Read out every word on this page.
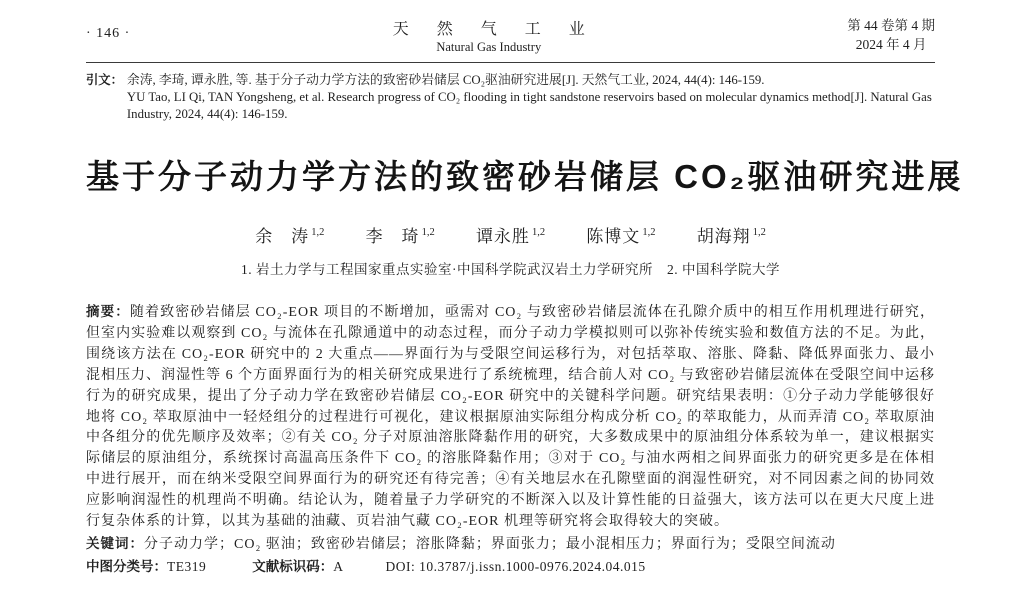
· 146 ·	天 然 气 工 业
Natural Gas Industry
第 44 卷第 4 期
2024 年 4 月
引文： 余涛, 李琦, 谭永胜, 等. 基于分子动力学方法的致密砂岩储层 CO₂驱油研究进展[J]. 天然气工业, 2024, 44(4): 146-159.
YU Tao, LI Qi, TAN Yongsheng, et al. Research progress of CO₂ flooding in tight sandstone reservoirs based on molecular dynamics method[J]. Natural Gas Industry, 2024, 44(4): 146-159.
基于分子动力学方法的致密砂岩储层 CO₂驱油研究进展
余　涛 $^{1,2}$ 李　琦 $^{1,2}$ 谭永胜 $^{1,2}$ 陈博文 $^{1,2}$ 胡海翔 $^{1,2}$
1. 岩土力学与工程国家重点实验室·中国科学院武汉岩土力学研究所　2. 中国科学院大学

摘要：随着致密砂岩储层 CO₂-EOR 项目的不断增加，亟需对 CO₂ 与致密砂岩储层流体在孔隙介质中的相互作用机理进行研究，但室内实验难以观察到 CO₂ 与流体在孔隙通道中的动态过程，而分子动力学模拟则可以弥补传统实验和数值方法的不足。为此，围绕该方法在 CO₂-EOR 研究中的 2 大重点——界面行为与受限空间运移行为，对包括萃取、溶胀、降黏、降低界面张力、最小混相压力、润湿性等 6 个方面界面行为的相关研究成果进行了系统梳理，结合前人对 CO₂ 与致密砂岩储层流体在受限空间中运移行为的研究成果，提出了分子动力学在致密砂岩储层 CO₂-EOR 研究中的关键科学问题。研究结果表明：①分子动力学能够很好地将 CO₂ 萃取原油中一轻烃组分的过程进行可视化，建议根据原油实际组分构成分析 CO₂ 的萃取能力，从而弄清 CO₂ 萃取原油中各组分的优先顺序及效率；②有关 CO₂ 分子对原油溶胀降黏作用的研究，大多数成果中的原油组分体系较为单一，建议根据实际储层的原油组分，系统探讨高温高压条件下 CO₂ 的溶胀降黏作用；③对于 CO₂ 与油水两相之间界面张力的研究更多是在体相中进行展开，而在纳米受限空间界面行为的研究还有待完善；④有关地层水在孔隙壁面的润湿性研究，对不同因素之间的协同效应影响润湿性的机理尚不明确。结论认为，随着量子力学研究的不断深入以及计算性能的日益强大，该方法可以在更大尺度上进行复杂体系的计算，以其为基础的油藏、页岩油气藏 CO₂-EOR 机理等研究将会取得较大的突破。

关键词：分子动力学；CO₂ 驱油；致密砂岩储层；溶胀降黏；界面张力；最小混相压力；界面行为；受限空间流动

中图分类号：TE319	文献标识码：A	DOI: 10.3787/j.issn.1000-0976.2024.04.015
